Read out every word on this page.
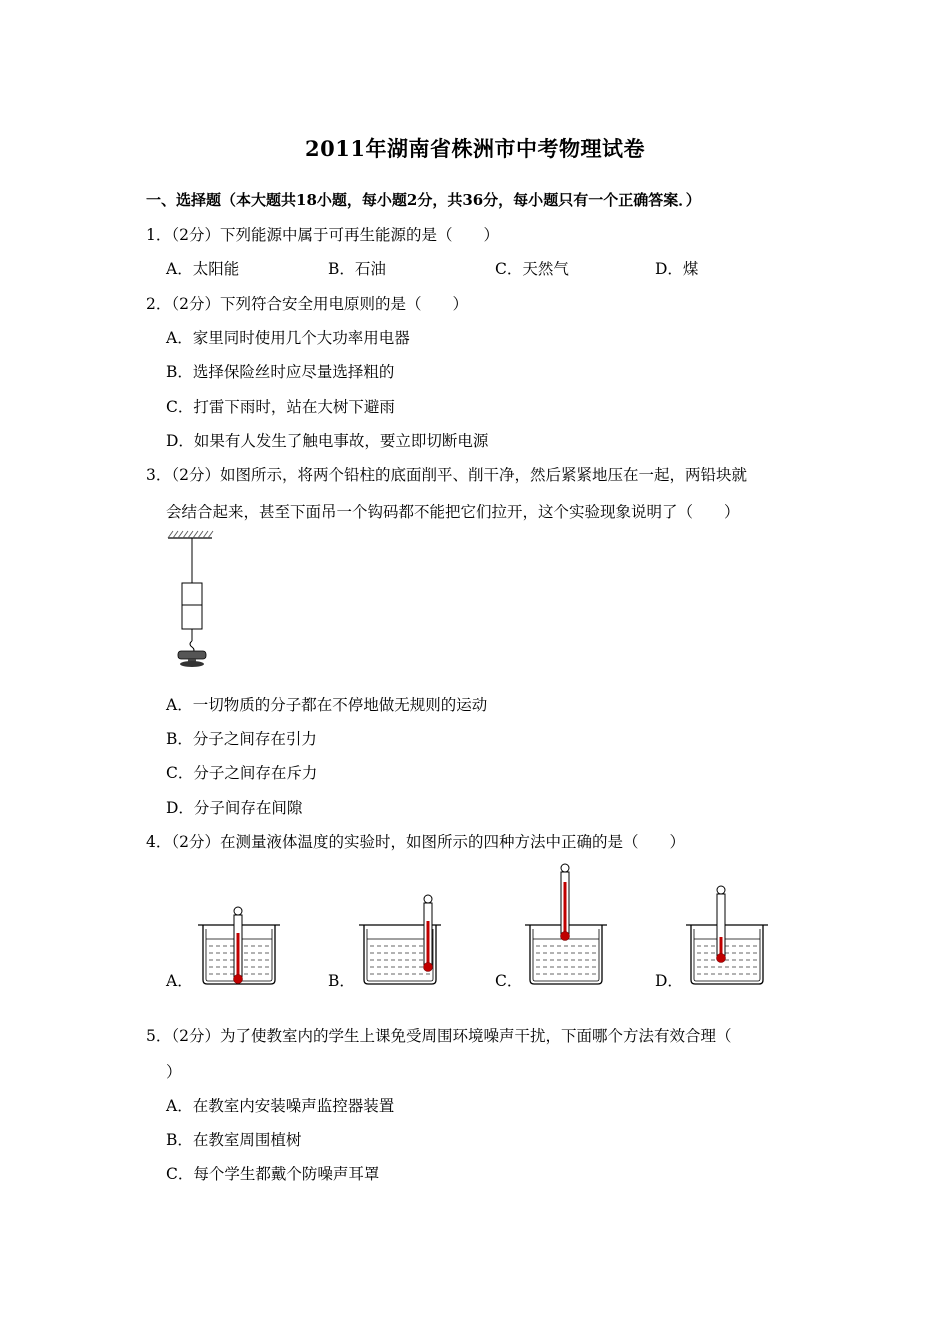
2011年湖南省株洲市中考物理试卷
一、选择题（本大题共18小题，每小题2分，共36分，每小题只有一个正确答案．）
1．（2分）下列能源中属于可再生能源的是（　　）
A．太阳能	B．石油	C．天然气	D．煤
2．（2分）下列符合安全用电原则的是（　　）
A．家里同时使用几个大功率用电器
B．选择保险丝时应尽量选择粗的
C．打雷下雨时，站在大树下避雨
D．如果有人发生了触电事故，要立即切断电源
3．（2分）如图所示，将两个铅柱的底面削平、削干净，然后紧紧地压在一起，两铅块就
会结合起来，甚至下面吊一个钩码都不能把它们拉开，这个实验现象说明了（　　）
A．一切物质的分子都在不停地做无规则的运动
B．分子之间存在引力
C．分子之间存在斥力
D．分子间存在间隙
4．（2分）在测量液体温度的实验时，如图所示的四种方法中正确的是（　　）
A．	B．	C．	D．
5．（2分）为了使教室内的学生上课免受周围环境噪声干扰，下面哪个方法有效合理（
）
A．在教室内安装噪声监控器装置
B．在教室周围植树
C．每个学生都戴个防噪声耳罩
